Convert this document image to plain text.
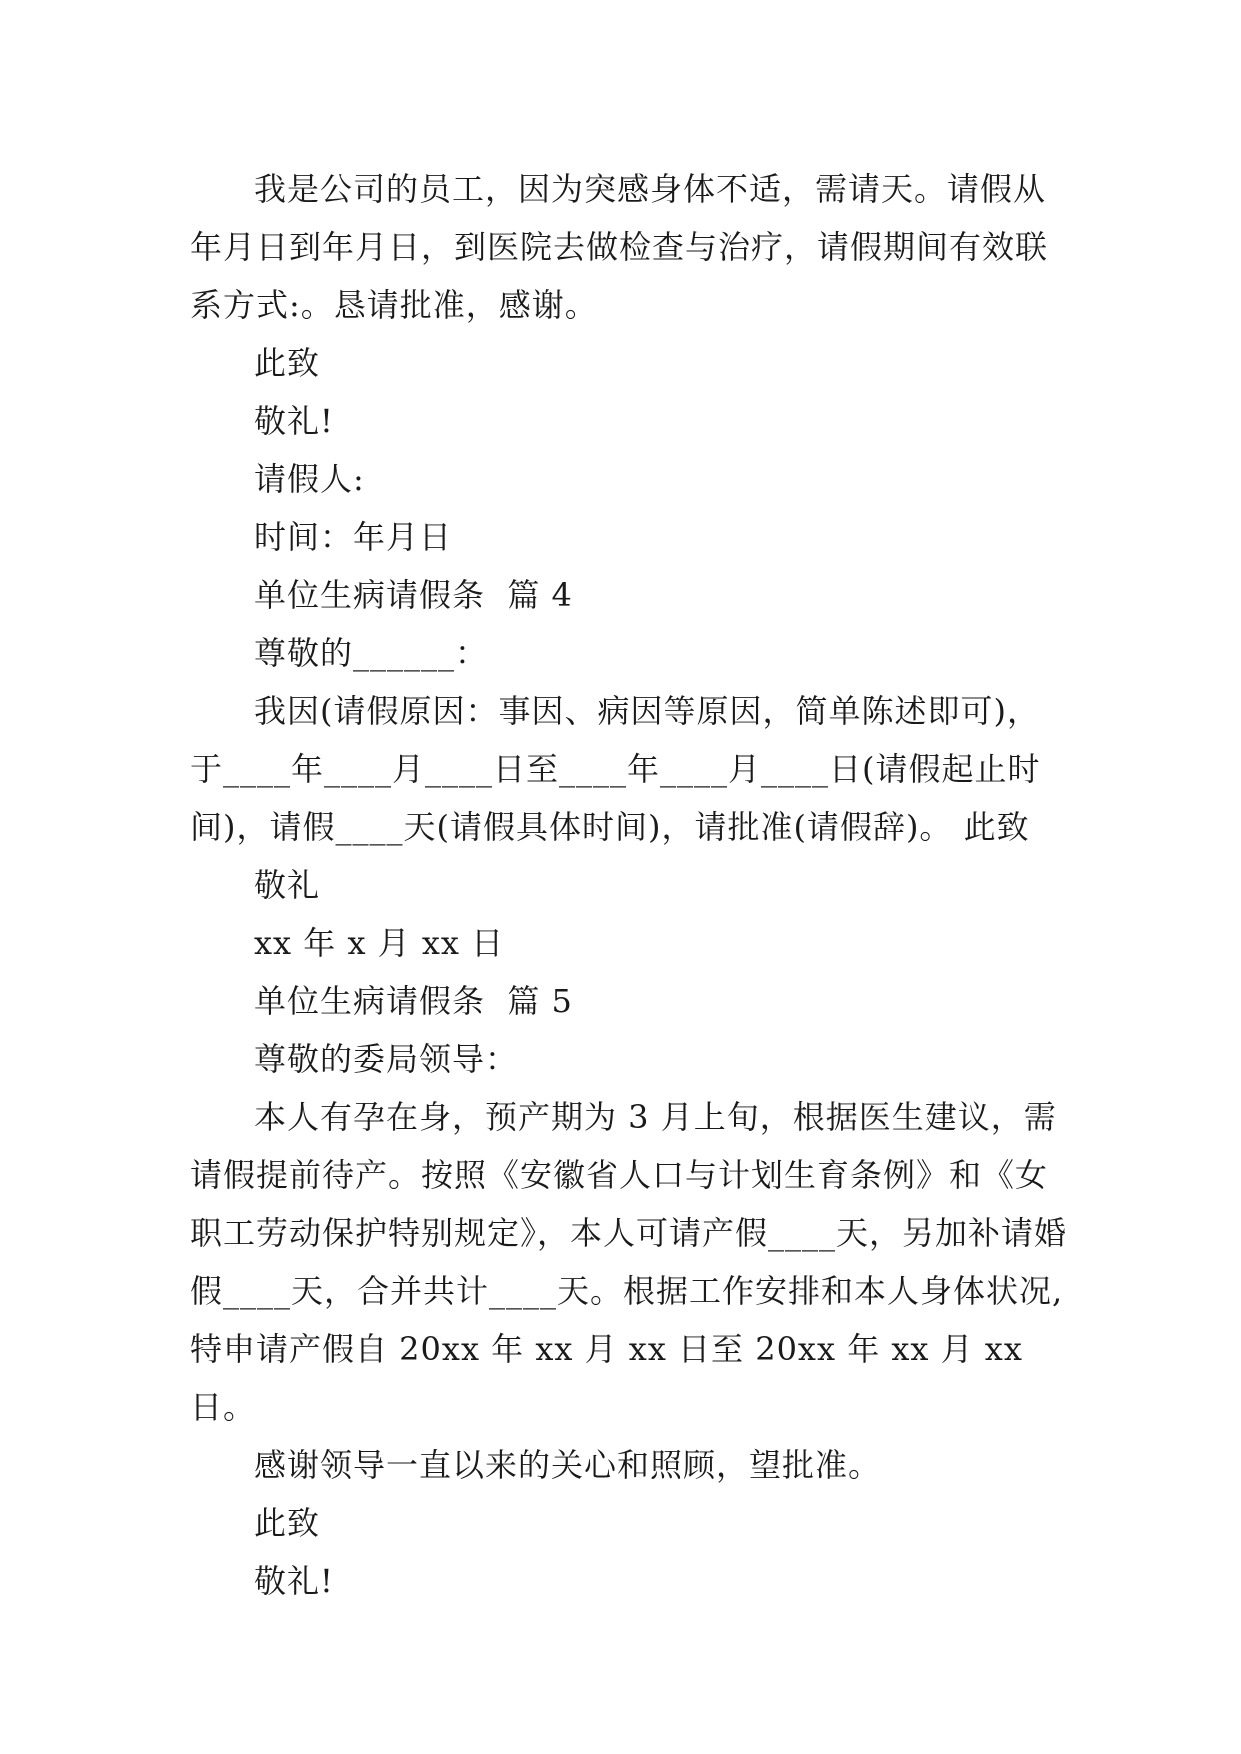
我是公司的员工，因为突感身体不适，需请天。请假从年月日到年月日，到医院去做检查与治疗，请假期间有效联系方式:。恳请批准，感谢。

此致

敬礼!

请假人:

时间：年月日

单位生病请假条  篇 4

尊敬的______：

我因(请假原因：事因、病因等原因，简单陈述即可)，于____年____月____日至____年____月____日(请假起止时间)，请假____天(请假具体时间)，请批准(请假辞)。 此致

敬礼

xx 年 x 月 xx 日

单位生病请假条  篇 5

尊敬的委局领导：

本人有孕在身，预产期为 3 月上旬，根据医生建议，需请假提前待产。按照《安徽省人口与计划生育条例》和《女职工劳动保护特别规定》，本人可请产假____天，另加补请婚假____天，合并共计____天。根据工作安排和本人身体状况,特申请产假自 20xx 年 xx 月 xx 日至 20xx 年 xx 月 xx 日。

感谢领导一直以来的关心和照顾，望批准。

此致

敬礼!
